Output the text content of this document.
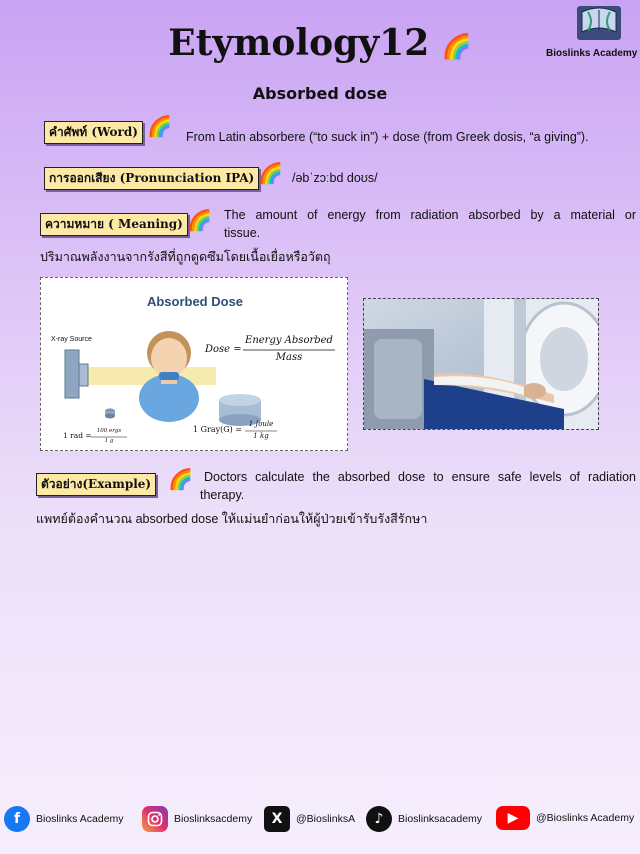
Etymology12 🌈	Bioslinks Academy
Absorbed dose
คำศัพท์ (Word) 🌈 From Latin absorbere (“to suck in”) + dose (from Greek dosis, “a giving”).
การออกเสียง (Pronunciation IPA) 🌈 /əbˈzɔːbd doʊs/
ความหมาย ( Meaning) 🌈 The amount of energy from radiation absorbed by a material or
tissue.
ปริมาณพลังงานจากรังสีที่ถูกดูดซึมโดยเนื้อเยื่อหรือวัตถุ
Absorbed Dose
X-ray Source
Dose =
Energy Absorbed
Mass
1 rad = 100 ergs
1 g
1 Gray(G) =
1 Joule
1 kg
ตัวอย่าง(Example) 🌈 Doctors calculate the absorbed dose to ensure safe levels of radiation
therapy.
แพทย์ต้องคำนวณ absorbed dose ให้แม่นยำก่อนให้ผู้ป่วยเข้ารับรังสีรักษา
f	Bioslinks Academy	Bioslinksacdemy	X	@BioslinksA	♪	Bioslinksacademy	▶	@Bioslinks Academy
